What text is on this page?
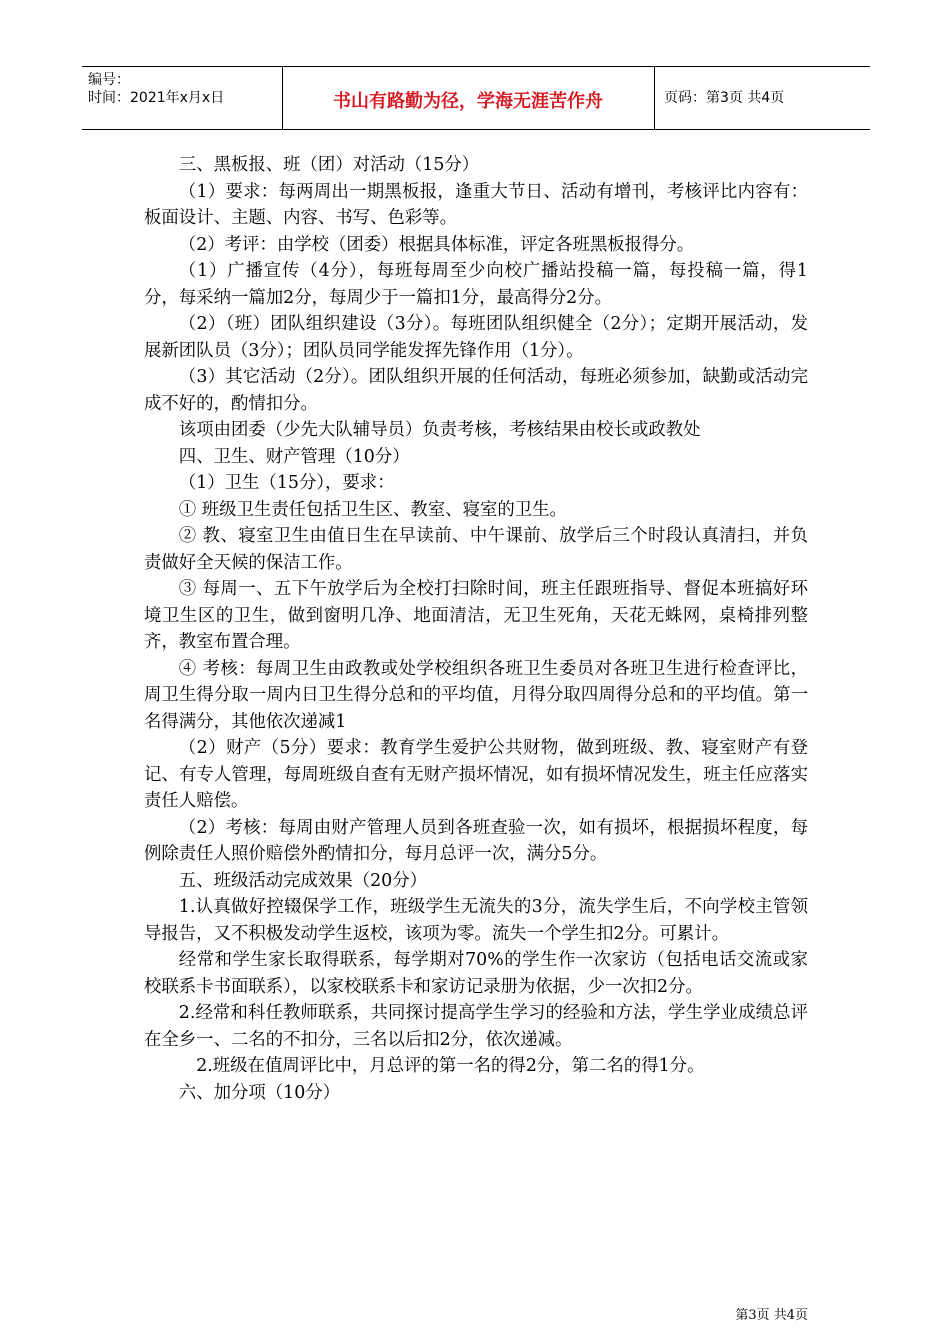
编号：
时间：2021年x月x日	书山有路勤为径，学海无涯苦作舟	页码：第3页 共4页

三、黑板报、班（团）对活动（15分）

（1）要求：每两周出一期黑板报，逢重大节日、活动有增刊，考核评比内容有：板面设计、主题、内容、书写、色彩等。

（2）考评：由学校（团委）根据具体标准，评定各班黑板报得分。

（1）广播宣传（4分），每班每周至少向校广播站投稿一篇，每投稿一篇，得1分，每采纳一篇加2分，每周少于一篇扣1分，最高得分2分。

（2）（班）团队组织建设（3分）。每班团队组织健全（2分）；定期开展活动，发展新团队员（3分）；团队员同学能发挥先锋作用（1分）。

（3）其它活动（2分）。团队组织开展的任何活动，每班必须参加，缺勤或活动完成不好的，酌情扣分。

该项由团委（少先大队辅导员）负责考核，考核结果由校长或政教处

四、卫生、财产管理（10分）

（1）卫生（15分），要求：

① 班级卫生责任包括卫生区、教室、寝室的卫生。

② 教、寝室卫生由值日生在早读前、中午课前、放学后三个时段认真清扫，并负责做好全天候的保洁工作。

③ 每周一、五下午放学后为全校打扫除时间，班主任跟班指导、督促本班搞好环境卫生区的卫生，做到窗明几净、地面清洁，无卫生死角，天花无蛛网，桌椅排列整齐，教室布置合理。

④ 考核：每周卫生由政教或处学校组织各班卫生委员对各班卫生进行检查评比，周卫生得分取一周内日卫生得分总和的平均值，月得分取四周得分总和的平均值。第一名得满分，其他依次递减1

（2）财产（5分）要求：教育学生爱护公共财物，做到班级、教、寝室财产有登记、有专人管理，每周班级自查有无财产损坏情况，如有损坏情况发生，班主任应落实责任人赔偿。

（2）考核：每周由财产管理人员到各班查验一次，如有损坏，根据损坏程度，每例除责任人照价赔偿外酌情扣分，每月总评一次，满分5分。

五、班级活动完成效果（20分）

1.认真做好控辍保学工作，班级学生无流失的3分，流失学生后，不向学校主管领导报告，又不积极发动学生返校，该项为零。流失一个学生扣2分。可累计。

经常和学生家长取得联系，每学期对70%的学生作一次家访（包括电话交流或家校联系卡书面联系），以家校联系卡和家访记录册为依据，少一次扣2分。

2.经常和科任教师联系，共同探讨提高学生学习的经验和方法，学生学业成绩总评在全乡一、二名的不扣分，三名以后扣2分，依次递减。

2.班级在值周评比中，月总评的第一名的得2分，第二名的得1分。

六、加分项（10分）

第3页 共4页
